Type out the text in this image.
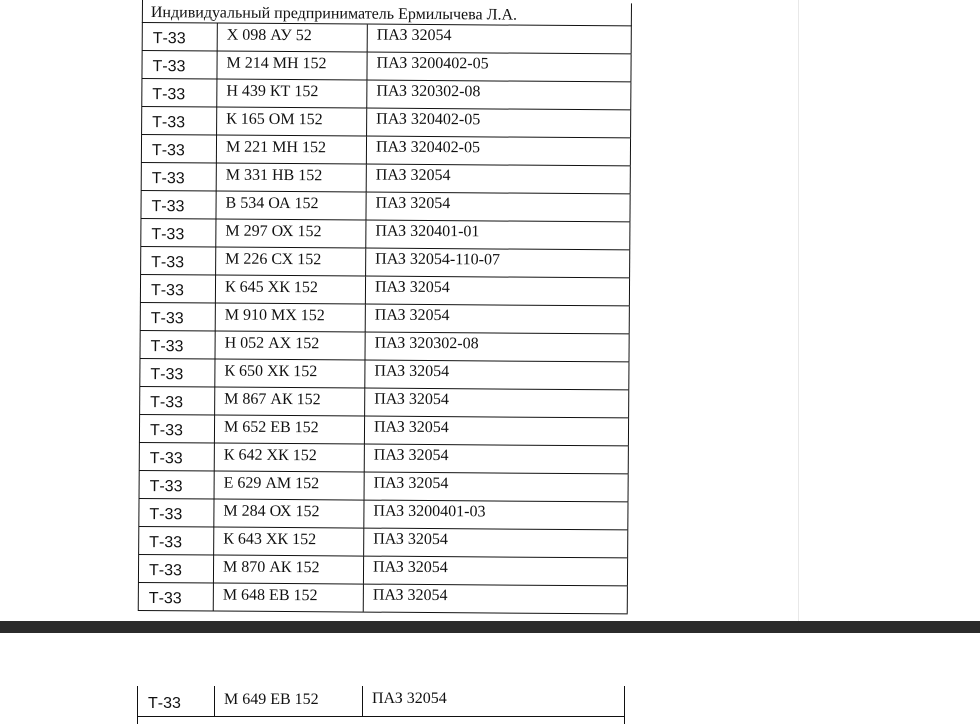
Индивидуальный предприниматель Ермилычева Л.А.
Т-33	Х 098 АУ 52	ПАЗ 32054
Т-33	М 214 МН 152	ПАЗ 3200402-05
Т-33	Н 439 КТ 152	ПАЗ 320302-08
Т-33	К 165 ОМ 152	ПАЗ 320402-05
Т-33	М 221 МН 152	ПАЗ 320402-05
Т-33	М 331 НВ 152	ПАЗ 32054
Т-33	В 534 ОА 152	ПАЗ 32054
Т-33	М 297 ОХ 152	ПАЗ 320401-01
Т-33	М 226 СХ 152	ПАЗ 32054-110-07
Т-33	К 645 ХК 152	ПАЗ 32054
Т-33	М 910 МХ 152	ПАЗ 32054
Т-33	Н 052 АХ 152	ПАЗ 320302-08
Т-33	К 650 ХК 152	ПАЗ 32054
Т-33	М 867 АК 152	ПАЗ 32054
Т-33	М 652 ЕВ 152	ПАЗ 32054
Т-33	К 642 ХК 152	ПАЗ 32054
Т-33	Е 629 АМ 152	ПАЗ 32054
Т-33	М 284 ОХ 152	ПАЗ 3200401-03
Т-33	К 643 ХК 152	ПАЗ 32054
Т-33	М 870 АК 152	ПАЗ 32054
Т-33	М 648 ЕВ 152	ПАЗ 32054
Т-33	М 649 ЕВ 152	ПАЗ 32054
